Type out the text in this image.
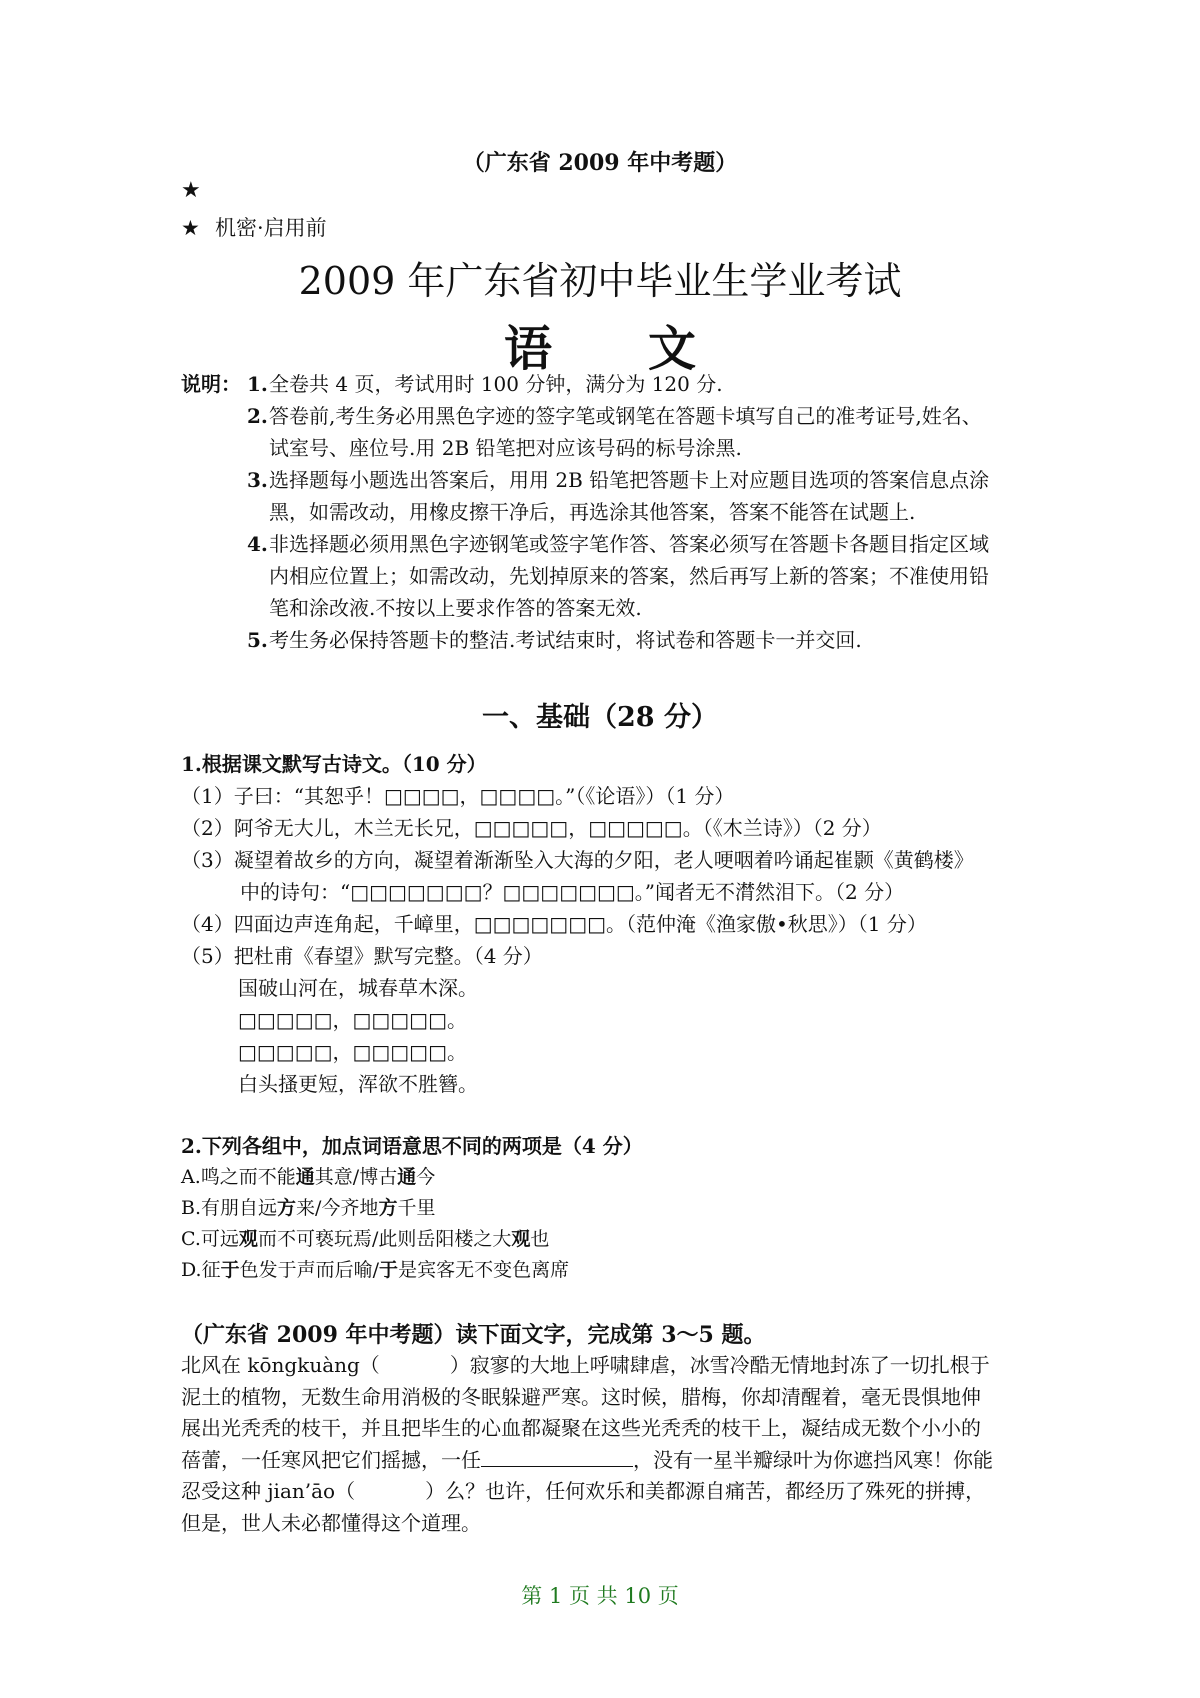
（广东省 2009 年中考题）
★
★ 机密·启用前
2009 年广东省初中毕业生学业考试
语文
说明： 1. 全卷共 4 页，考试用时 100 分钟，满分为 120 分.
2. 答卷前,考生务必用黑色字迹的签字笔或钢笔在答题卡填写自己的准考证号,姓名、
试室号、座位号.用 2B 铅笔把对应该号码的标号涂黑.
3. 选择题每小题选出答案后，用用 2B 铅笔把答题卡上对应题目选项的答案信息点涂
黑，如需改动，用橡皮擦干净后，再选涂其他答案，答案不能答在试题上.
4. 非选择题必须用黑色字迹钢笔或签字笔作答、答案必须写在答题卡各题目指定区域
内相应位置上；如需改动，先划掉原来的答案，然后再写上新的答案；不准使用铅
笔和涂改液.不按以上要求作答的答案无效.
5. 考生务必保持答题卡的整洁.考试结束时，将试卷和答题卡一并交回.
一、基础（28 分）
1.根据课文默写古诗文。（10 分）
（1）子曰：“其恕乎！□□□□，□□□□。”（《论语》）（1 分）
（2）阿爷无大儿，木兰无长兄，□□□□□，□□□□□。（《木兰诗》）（2 分）
（3）凝望着故乡的方向，凝望着渐渐坠入大海的夕阳，老人哽咽着吟诵起崔颢《黄鹤楼》
中的诗句：“□□□□□□□？□□□□□□□。”闻者无不潸然泪下。（2 分）
（4）四面边声连角起，千嶂里，□□□□□□□。（范仲淹《渔家傲•秋思》）（1 分）
（5）把杜甫《春望》默写完整。（4 分）
国破山河在，城春草木深。
□□□□□，□□□□□。
□□□□□，□□□□□。
白头搔更短，浑欲不胜簪。
2.下列各组中，加点词语意思不同的两项是（4 分）
A.鸣之而不能通其意/博古通今
B.有朋自远方来/今齐地方千里
C.可远观而不可亵玩焉/此则岳阳楼之大观也
D.征于色发于声而后喻/于是宾客无不变色离席
（广东省 2009 年中考题）读下面文字，完成第 3～5 题。
北风在 kōngkuàng（	）寂寥的大地上呼啸肆虐，冰雪冷酷无情地封冻了一切扎根于
泥土的植物，无数生命用消极的冬眠躲避严寒。这时候，腊梅，你却清醒着，毫无畏惧地伸
展出光秃秃的枝干，并且把毕生的心血都凝聚在这些光秃秃的枝干上，凝结成无数个小小的
蓓蕾，一任寒风把它们摇撼，一任	，没有一星半瓣绿叶为你遮挡风寒！你能
忍受这种 jian’āo（	）么？也许，任何欢乐和美都源自痛苦，都经历了殊死的拼搏，
但是，世人未必都懂得这个道理。
第 1 页 共 10 页
